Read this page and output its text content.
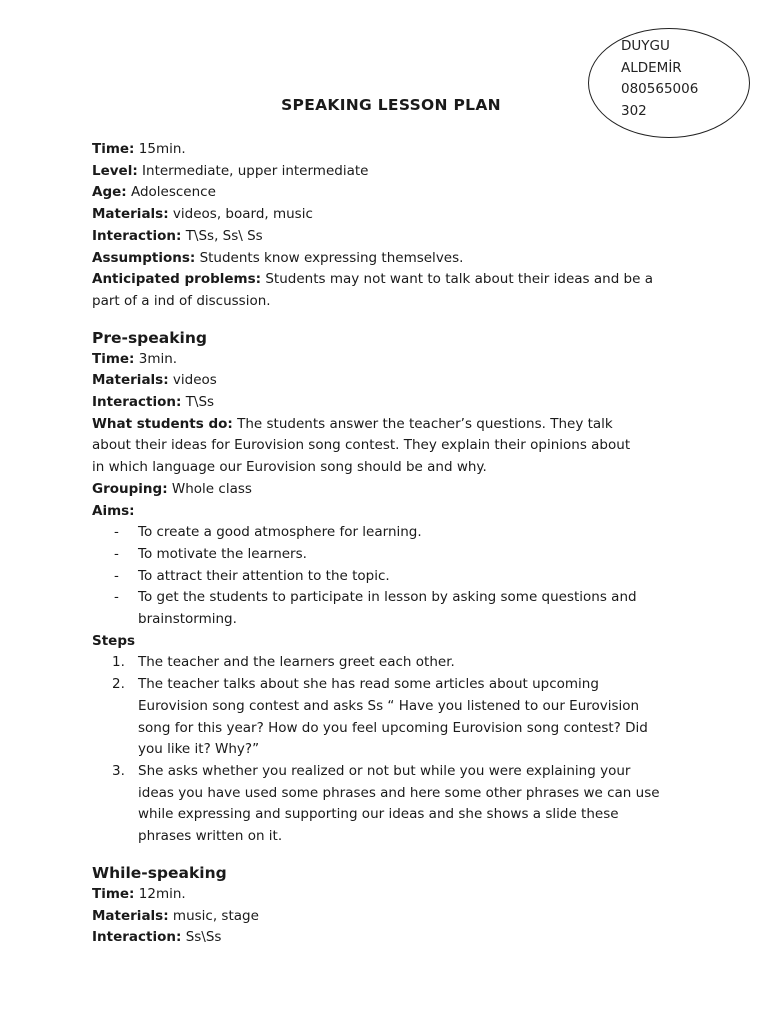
DUYGU
ALDEMİR
080565006
302
SPEAKING LESSON PLAN
Time: 15min.
Level: Intermediate, upper intermediate
Age: Adolescence
Materials: videos, board, music
Interaction: T\Ss, Ss\ Ss
Assumptions: Students know expressing themselves.
Anticipated problems: Students may not want to talk about their ideas and be a
part of a ind of discussion.
Pre-speaking
Time: 3min.
Materials: videos
Interaction: T\Ss
What students do: The students answer the teacher’s questions. They talk
about their ideas for Eurovision song contest. They explain their opinions about
in which language our Eurovision song should be and why.
Grouping: Whole class
Aims:
- To create a good atmosphere for learning.
- To motivate the learners.
- To attract their attention to the topic.
- To get the students to participate in lesson by asking some questions and
brainstorming.
Steps
1. The teacher and the learners greet each other.
2. The teacher talks about she has read some articles about upcoming
Eurovision song contest and asks Ss “ Have you listened to our Eurovision
song for this year? How do you feel upcoming Eurovision song contest? Did
you like it? Why?”
3. She asks whether you realized or not but while you were explaining your
ideas you have used some phrases and here some other phrases we can use
while expressing and supporting our ideas and she shows a slide these
phrases written on it.
While-speaking
Time: 12min.
Materials: music, stage
Interaction: Ss\Ss
